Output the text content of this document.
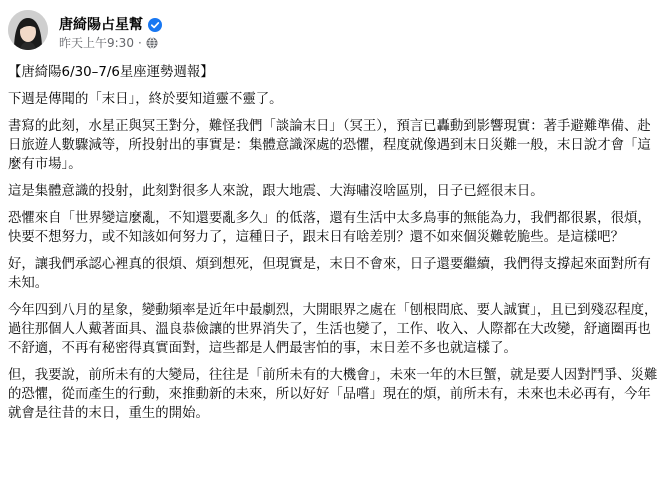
唐綺陽占星幫
昨天上午9:30 ·

【唐綺陽6/30–7/6星座運勢週報】

下週是傳聞的「末日」，終於要知道靈不靈了。

書寫的此刻，水星正與冥王對分，難怪我們「談論末日」（冥王），預言已轟動到影響現實：著手避難準備、赴日旅遊人數驟減等，所投射出的事實是：集體意識深處的恐懼，程度就像遇到末日災難一般，末日說才會「這麼有市場」。

這是集體意識的投射，此刻對很多人來說，跟大地震、大海嘯沒啥區別，日子已經很末日。

恐懼來自「世界變這麼亂，不知還要亂多久」的低落，還有生活中太多鳥事的無能為力，我們都很累，很煩，快要不想努力，或不知該如何努力了，這種日子，跟末日有啥差別？還不如來個災難乾脆些。是這樣吧？

好，讓我們承認心裡真的很煩、煩到想死，但現實是，末日不會來，日子還要繼續，我們得支撐起來面對所有未知。

今年四到八月的星象，變動頻率是近年中最劇烈，大開眼界之處在「刨根問底、要人誠實」，且已到殘忍程度，過往那個人人戴著面具、溫良恭儉讓的世界消失了，生活也變了，工作、收入、人際都在大改變，舒適圈再也不舒適，不再有秘密得真實面對，這些都是人們最害怕的事，末日差不多也就這樣了。

但，我要說，前所未有的大變局，往往是「前所未有的大機會」，未來一年的木巨蟹，就是要人因對鬥爭、災難的恐懼，從而產生的行動，來推動新的未來，所以好好「品嚐」現在的煩，前所未有，未來也未必再有，今年就會是往昔的末日，重生的開始。
